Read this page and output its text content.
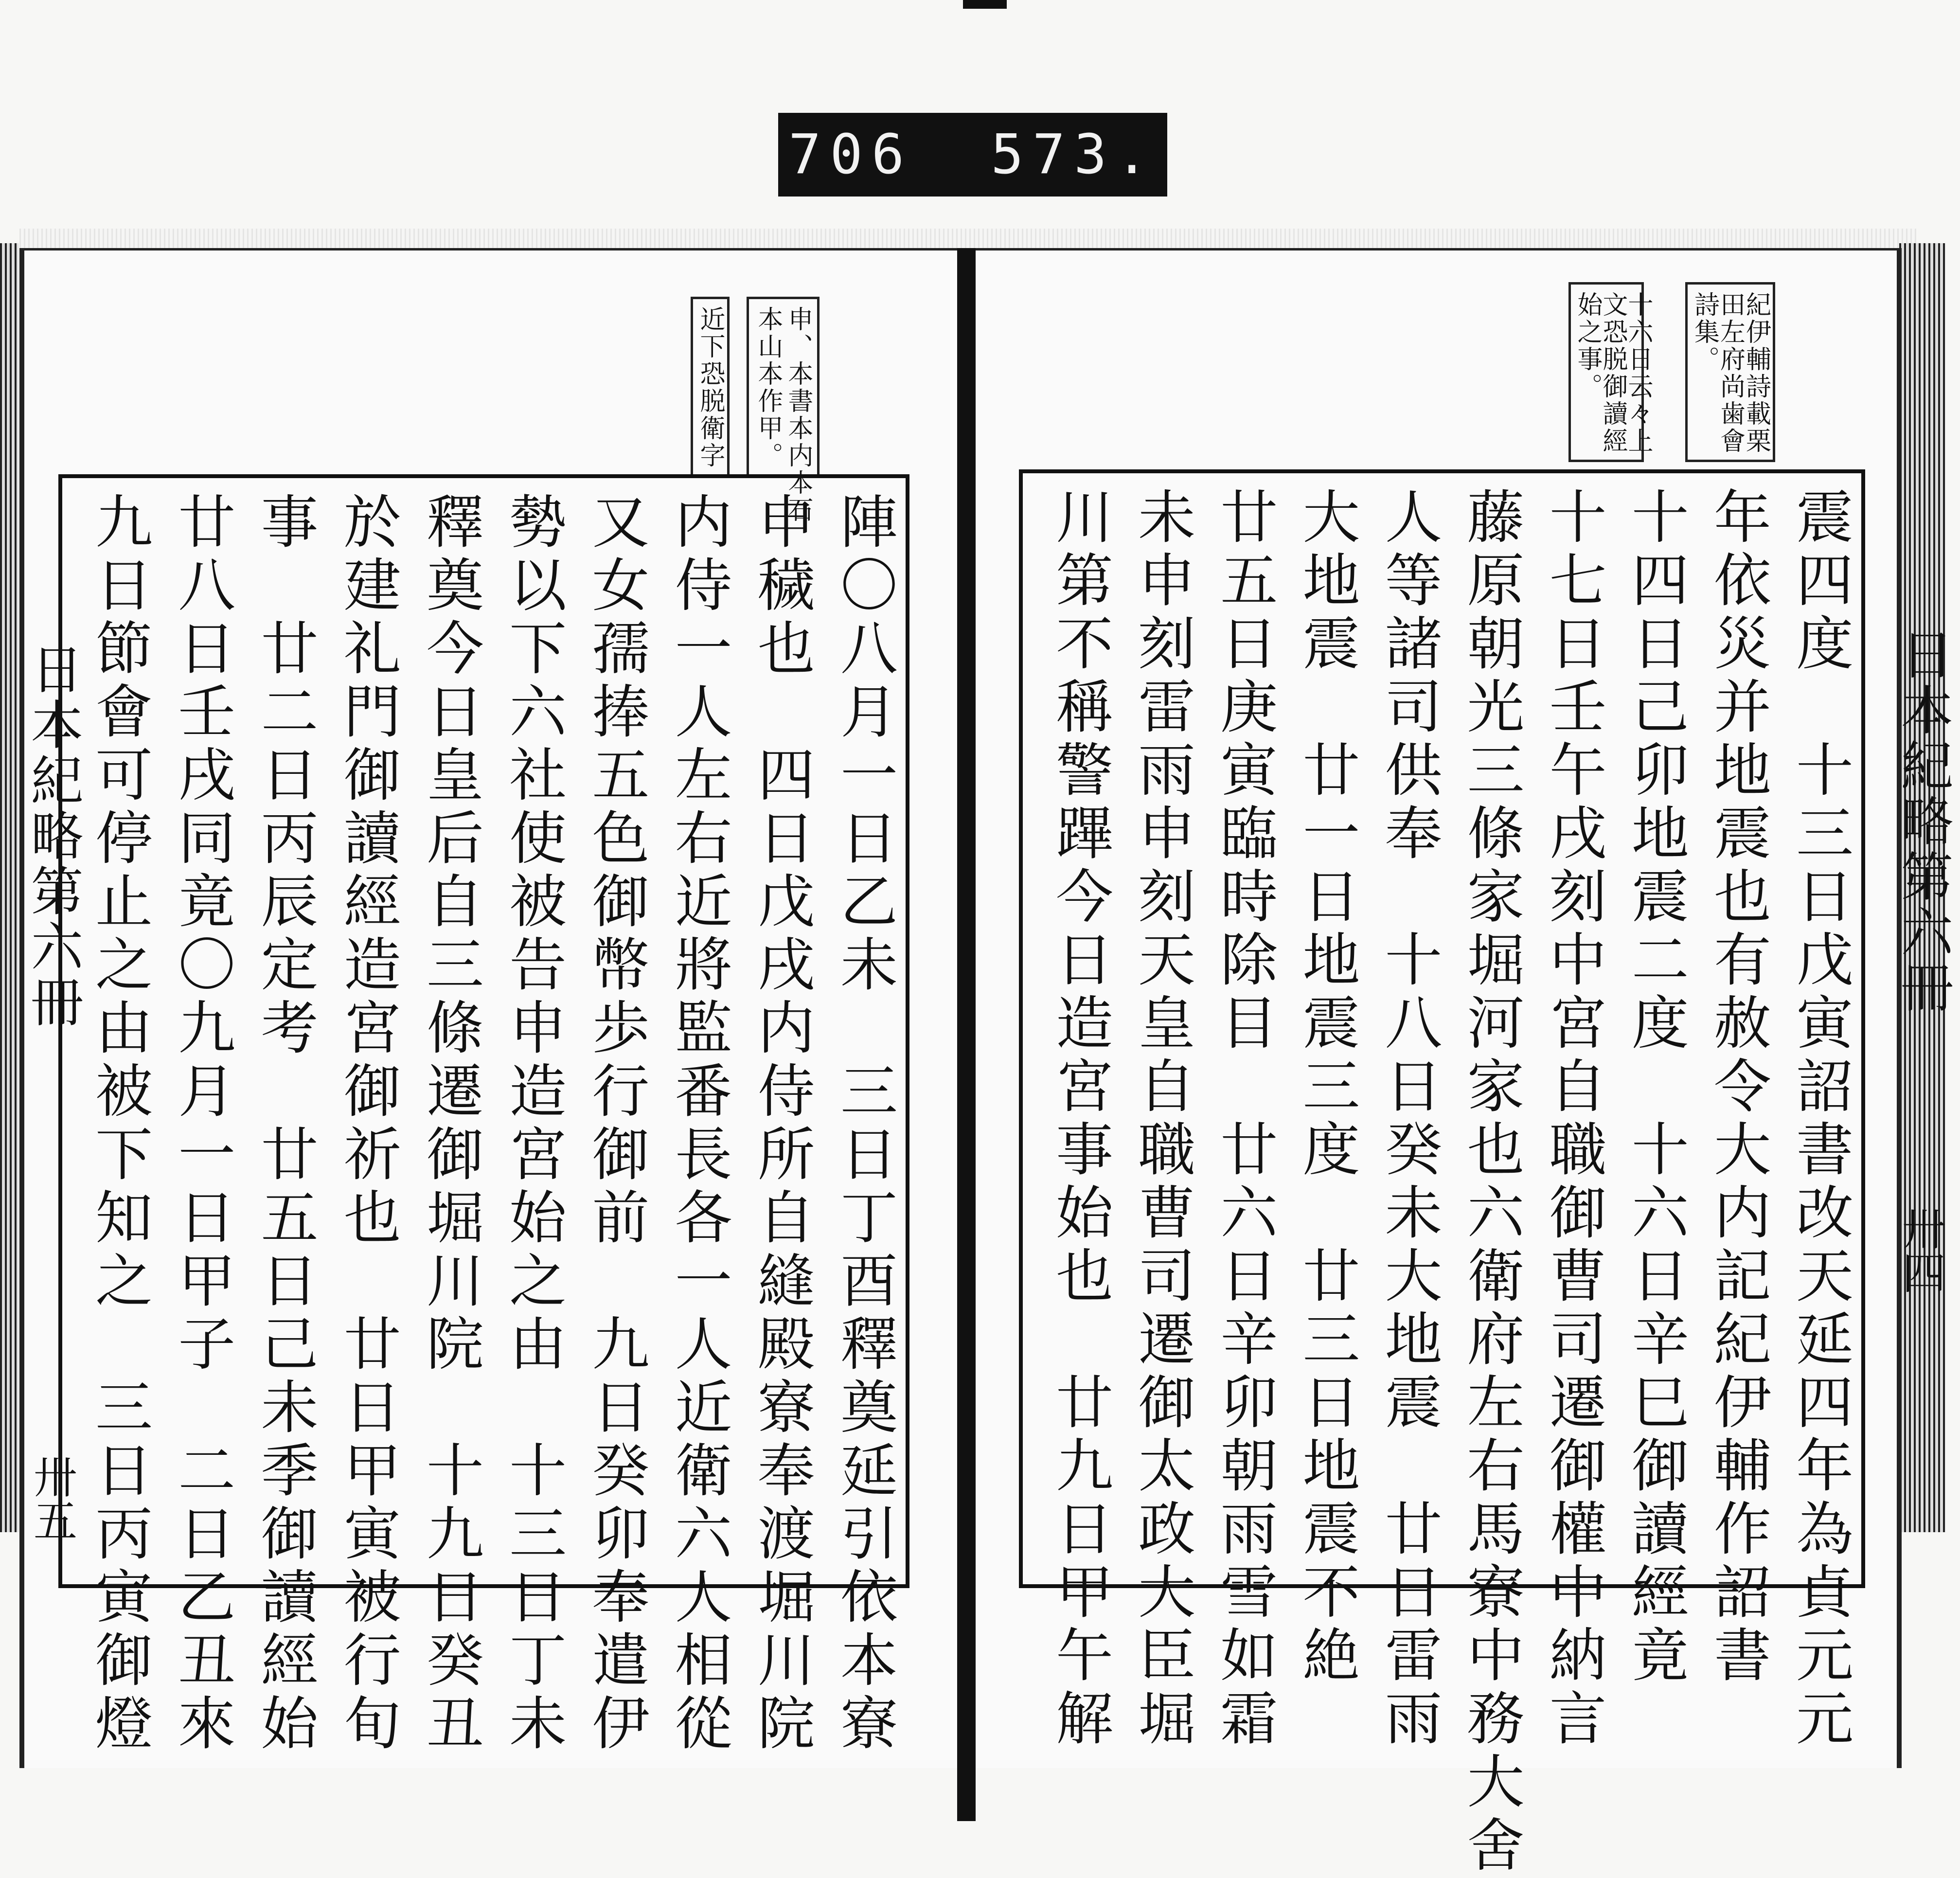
706 573.
紀伊輔詩載栗
田左府尚歯會
詩集。
十六日云々上
文恐脱御讀經
始之事。
申、本書本内本石
本山本作甲。
近下恐脱衛字
日本紀略第六冊
卅四
日本紀略第六冊
卅五	震四度　十三日戊寅詔書改天延四年為貞元元
年依災并地震也有赦令大内記紀伊輔作詔書
十四日己卯地震二度　十六日辛巳御讀經竟
十七日壬午戌刻中宮自職御曹司遷御權中納言
藤原朝光三條家堀河家也六衛府左右馬寮中務大舍
人等諸司供奉　十八日癸未大地震　廿日雷雨
大地震　廿一日地震三度　廿三日地震不絶
廿五日庚寅臨時除目　廿六日辛卯朝雨雪如霜
未申刻雷雨申刻天皇自職曹司遷御太政大臣堀
川第不稱警蹕今日造宮事始也　廿九日甲午解
陣〇八月一日乙未　三日丁酉釋奠延引依本寮
申穢也　四日戊戌内侍所自縫殿寮奉渡堀川院
内侍一人左右近將監番長各一人近衛六人相從
又女孺捧五色御幣歩行御前　九日癸卯奉遣伊
勢以下六社使被告申造宮始之由　十三日丁未
釋奠今日皇后自三條遷御堀川院　十九日癸丑
於建礼門御讀經造宮御祈也　廿日甲寅被行旬
事　廿二日丙辰定考　廿五日己未季御讀經始
廿八日壬戌同竟〇九月一日甲子　二日乙丑來
九日節會可停止之由被下知之　三日丙寅御燈
